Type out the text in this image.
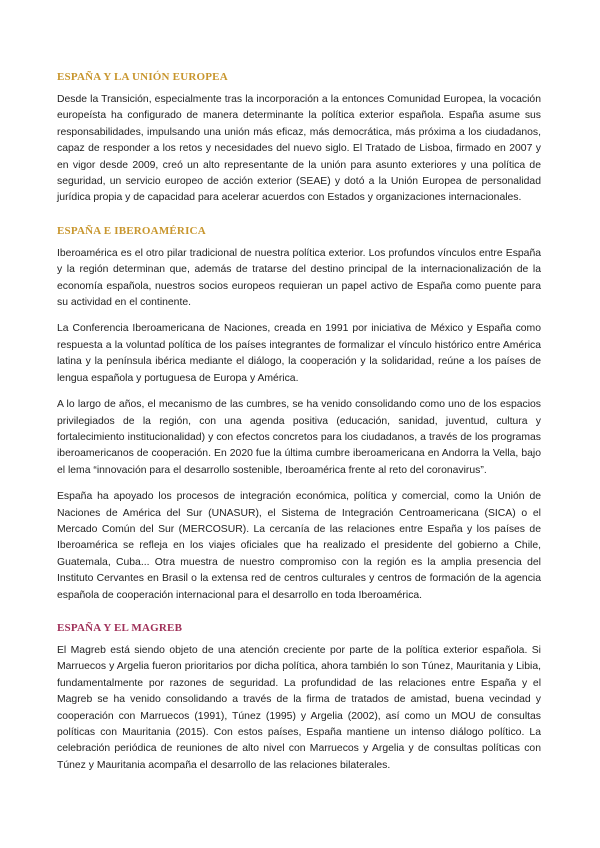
ESPAÑA Y LA UNIÓN EUROPEA

Desde la Transición, especialmente tras la incorporación a la entonces Comunidad Europea, la vocación europeísta ha configurado de manera determinante la política exterior española. España asume sus responsabilidades, impulsando una unión más eficaz, más democrática, más próxima a los ciudadanos, capaz de responder a los retos y necesidades del nuevo siglo. El Tratado de Lisboa, firmado en 2007 y en vigor desde 2009, creó un alto representante de la unión para asunto exteriores y una política de seguridad, un servicio europeo de acción exterior (SEAE) y dotó a la Unión Europea de personalidad jurídica propia y de capacidad para acelerar acuerdos con Estados y organizaciones internacionales.

ESPAÑA E IBEROAMÉRICA

Iberoamérica es el otro pilar tradicional de nuestra política exterior. Los profundos vínculos entre España y la región determinan que, además de tratarse del destino principal de la internacionalización de la economía española, nuestros socios europeos requieran un papel activo de España como puente para su actividad en el continente.

La Conferencia Iberoamericana de Naciones, creada en 1991 por iniciativa de México y España como respuesta a la voluntad política de los países integrantes de formalizar el vínculo histórico entre América latina y la península ibérica mediante el diálogo, la cooperación y la solidaridad, reúne a los países de lengua española y portuguesa de Europa y América.

A lo largo de años, el mecanismo de las cumbres, se ha venido consolidando como uno de los espacios privilegiados de la región, con una agenda positiva (educación, sanidad, juventud, cultura y fortalecimiento institucionalidad) y con efectos concretos para los ciudadanos, a través de los programas iberoamericanos de cooperación. En 2020 fue la última cumbre iberoamericana en Andorra la Vella, bajo el lema “innovación para el desarrollo sostenible, Iberoamérica frente al reto del coronavirus”.

España ha apoyado los procesos de integración económica, política y comercial, como la Unión de Naciones de América del Sur (UNASUR), el Sistema de Integración Centroamericana (SICA) o el Mercado Común del Sur (MERCOSUR). La cercanía de las relaciones entre España y los países de Iberoamérica se refleja en los viajes oficiales que ha realizado el presidente del gobierno a Chile, Guatemala, Cuba... Otra muestra de nuestro compromiso con la región es la amplia presencia del Instituto Cervantes en Brasil o la extensa red de centros culturales y centros de formación de la agencia española de cooperación internacional para el desarrollo en toda Iberoamérica.

ESPAÑA Y EL MAGREB

El Magreb está siendo objeto de una atención creciente por parte de la política exterior española. Si Marruecos y Argelia fueron prioritarios por dicha política, ahora también lo son Túnez, Mauritania y Libia, fundamentalmente por razones de seguridad. La profundidad de las relaciones entre España y el Magreb se ha venido consolidando a través de la firma de tratados de amistad, buena vecindad y cooperación con Marruecos (1991), Túnez (1995) y Argelia (2002), así como un MOU de consultas políticas con Mauritania (2015). Con estos países, España mantiene un intenso diálogo político. La celebración periódica de reuniones de alto nivel con Marruecos y Argelia y de consultas políticas con Túnez y Mauritania acompaña el desarrollo de las relaciones bilaterales.
